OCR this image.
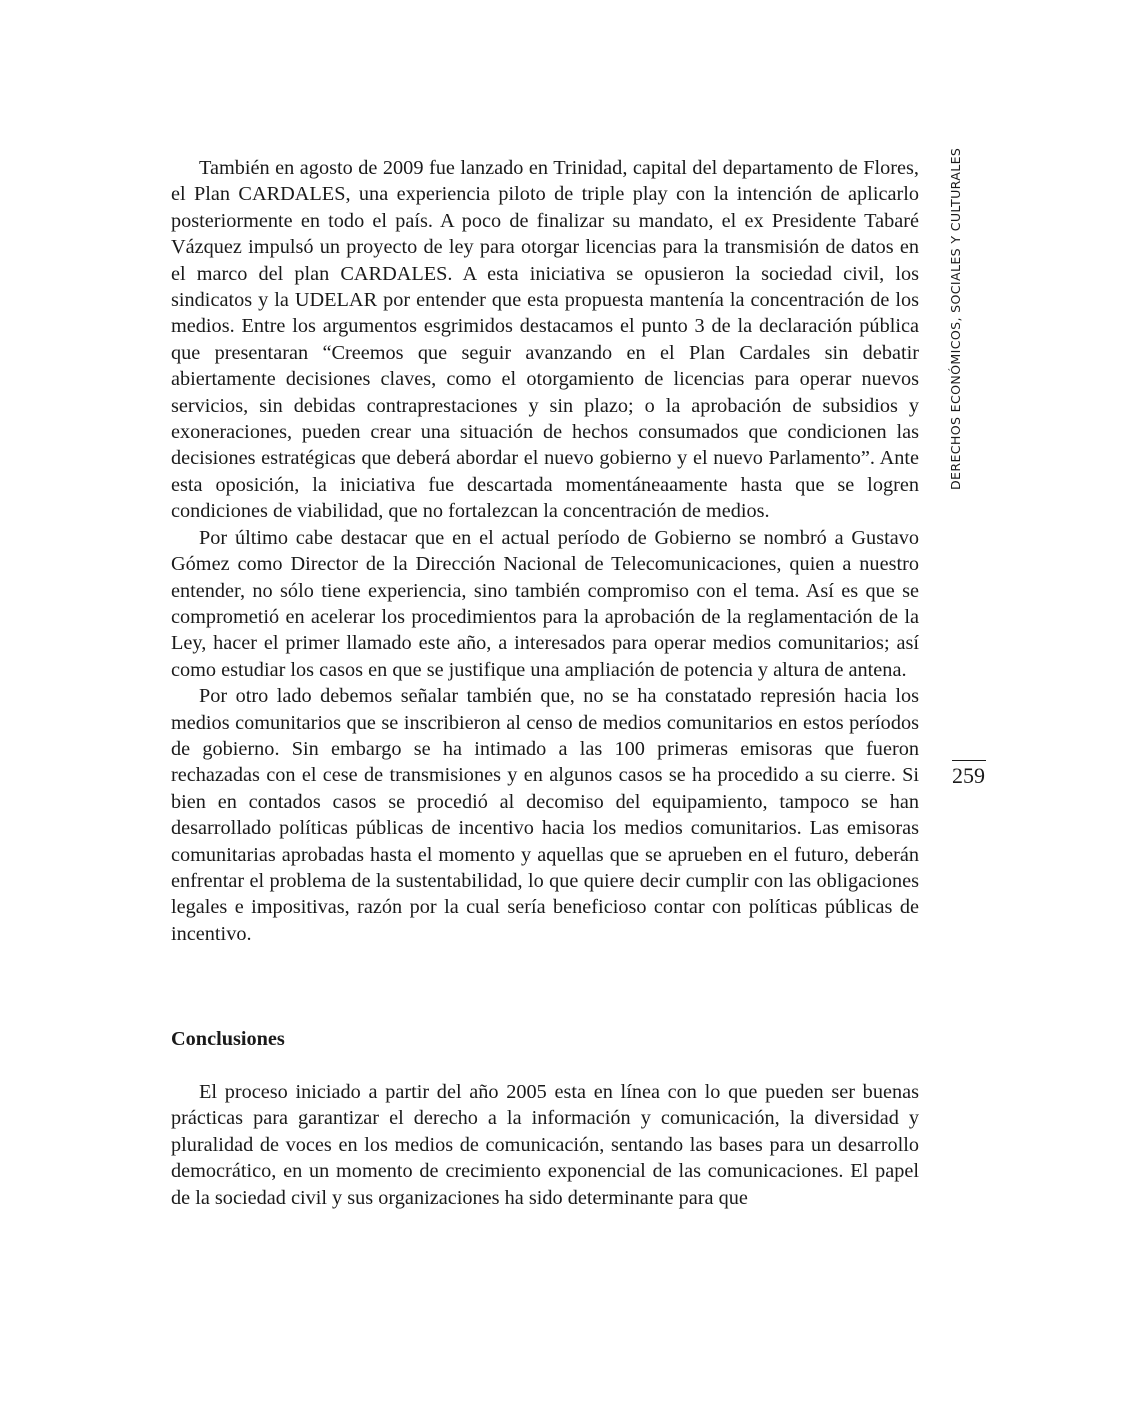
También en agosto de 2009 fue lanzado en Trinidad, capital del departamento de Flores, el Plan CARDALES, una experiencia piloto de triple play con la intención de aplicarlo posteriormente en todo el país. A poco de finalizar su mandato, el ex Presidente Tabaré Vázquez impulsó un proyecto de ley para otorgar licencias para la transmisión de datos en el marco del plan CARDALES. A esta iniciativa se opusieron la sociedad civil, los sindicatos y la UDELAR por entender que esta propuesta mantenía la concentración de los medios. Entre los argumentos esgrimidos destacamos el punto 3 de la declaración pública que presentaran “Creemos que seguir avanzando en el Plan Cardales sin debatir abiertamente decisiones claves, como el otorgamiento de licencias para operar nuevos servicios, sin debidas contraprestaciones y sin plazo; o la aprobación de subsidios y exoneraciones, pueden crear una situación de hechos consumados que condicionen las decisiones estratégicas que deberá abordar el nuevo gobierno y el nuevo Parlamento”. Ante esta oposición, la iniciativa fue descartada momentáneaamente hasta que se logren condiciones de viabilidad, que no fortalezcan la concentración de medios.

Por último cabe destacar que en el actual período de Gobierno se nombró a Gustavo Gómez como Director de la Dirección Nacional de Telecomunicaciones, quien a nuestro entender, no sólo tiene experiencia, sino también compromiso con el tema. Así es que se comprometió en acelerar los procedimientos para la aprobación de la reglamentación de la Ley, hacer el primer llamado este año, a interesados para operar medios comunitarios; así como estudiar los casos en que se justifique una ampliación de potencia y altura de antena.

Por otro lado debemos señalar también que, no se ha constatado represión hacia los medios comunitarios que se inscribieron al censo de medios comunitarios en estos períodos de gobierno. Sin embargo se ha intimado a las 100 primeras emisoras que fueron rechazadas con el cese de transmisiones y en algunos casos se ha procedido a su cierre. Si bien en contados casos se procedió al decomiso del equipamiento, tampoco se han desarrollado políticas públicas de incentivo hacia los medios comunitarios. Las emisoras comunitarias aprobadas hasta el momento y aquellas que se aprueben en el futuro, deberán enfrentar el problema de la sustentabilidad, lo que quiere decir cumplir con las obligaciones legales e impositivas, razón por la cual sería beneficioso contar con políticas públicas de incentivo.

Conclusiones

El proceso iniciado a partir del año 2005 esta en línea con lo que pueden ser buenas prácticas para garantizar el derecho a la información y comunicación, la diversidad y pluralidad de voces en los medios de comunicación, sentando las bases para un desarrollo democrático, en un momento de crecimiento exponencial de las comunicaciones. El papel de la sociedad civil y sus organizaciones ha sido determinante para que

DERECHOS ECONÓMICOS, SOCIALES Y CULTURALES
259
